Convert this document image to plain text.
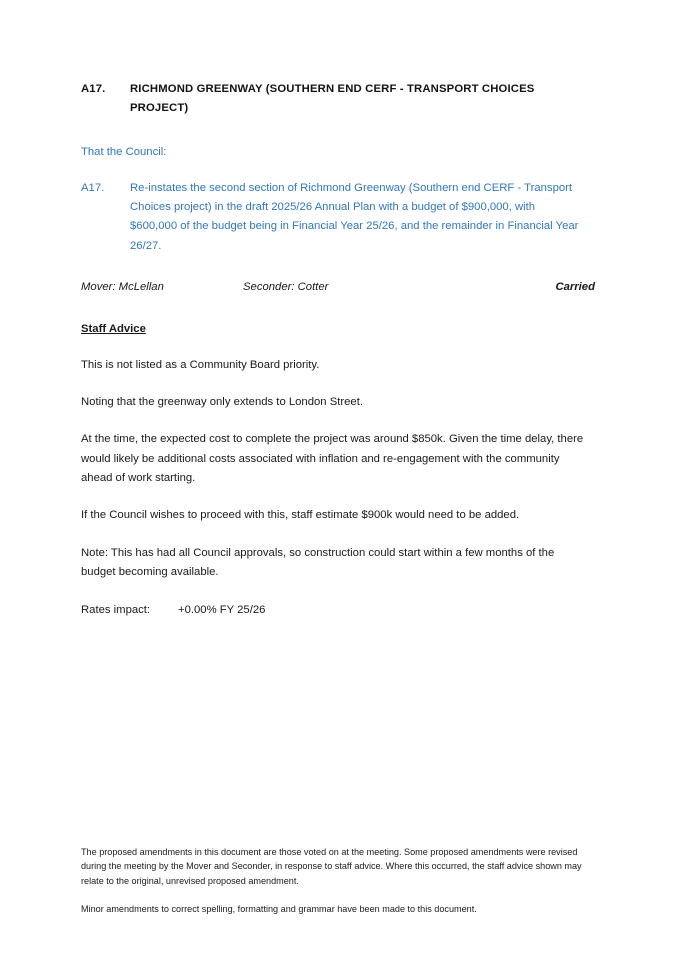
A17.	RICHMOND GREENWAY (SOUTHERN END CERF - TRANSPORT CHOICES PROJECT)
That the Council:
A17.	Re-instates the second section of Richmond Greenway (Southern end CERF - Transport Choices project) in the draft 2025/26 Annual Plan with a budget of $900,000, with $600,000 of the budget being in Financial Year 25/26, and the remainder in Financial Year 26/27.
Mover: McLellan	Seconder: Cotter	Carried
Staff Advice
This is not listed as a Community Board priority.
Noting that the greenway only extends to London Street.
At the time, the expected cost to complete the project was around $850k. Given the time delay, there would likely be additional costs associated with inflation and re-engagement with the community ahead of work starting.
If the Council wishes to proceed with this, staff estimate $900k would need to be added.
Note: This has had all Council approvals, so construction could start within a few months of the budget becoming available.
Rates impact: +0.00% FY 25/26
The proposed amendments in this document are those voted on at the meeting. Some proposed amendments were revised during the meeting by the Mover and Seconder, in response to staff advice. Where this occurred, the staff advice shown may relate to the original, unrevised proposed amendment.
Minor amendments to correct spelling, formatting and grammar have been made to this document.
